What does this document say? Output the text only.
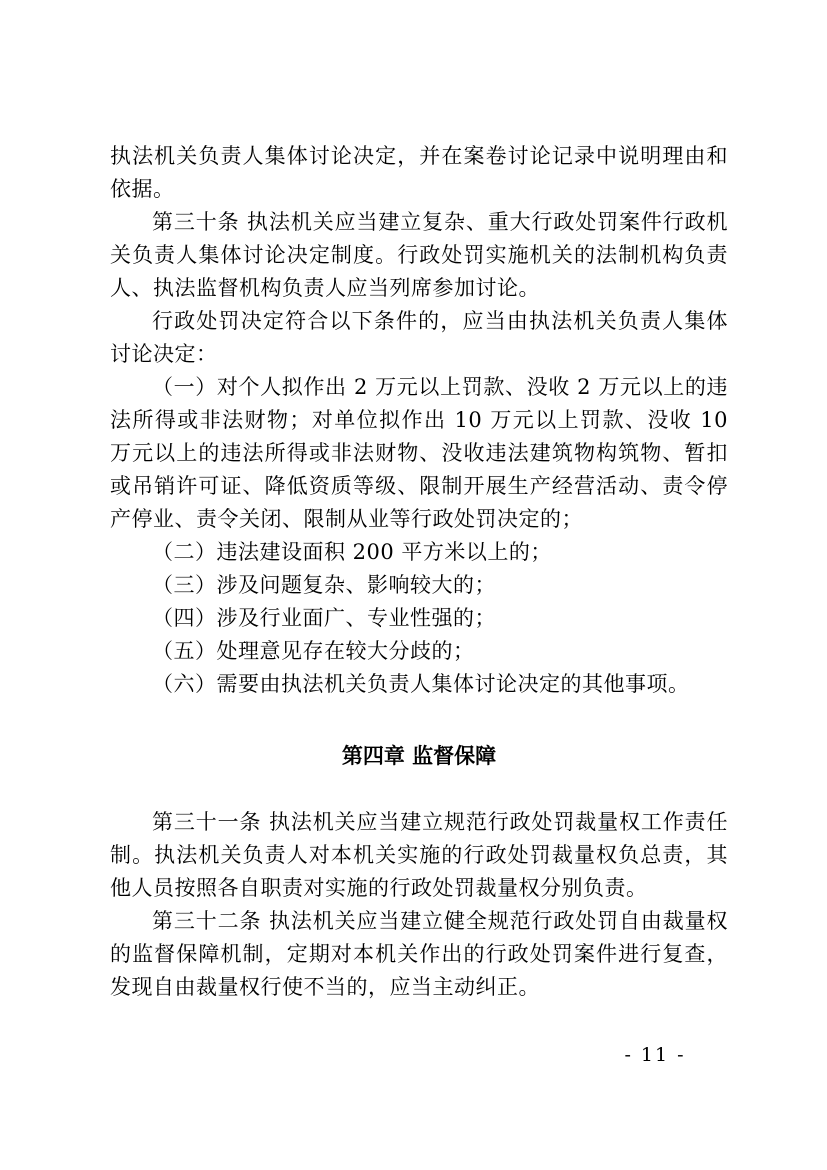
执法机关负责人集体讨论决定，并在案卷讨论记录中说明理由和依据。

第三十条 执法机关应当建立复杂、重大行政处罚案件行政机关负责人集体讨论决定制度。行政处罚实施机关的法制机构负责人、执法监督机构负责人应当列席参加讨论。

行政处罚决定符合以下条件的，应当由执法机关负责人集体讨论决定：

（一）对个人拟作出 2 万元以上罚款、没收 2 万元以上的违法所得或非法财物；对单位拟作出 10 万元以上罚款、没收 10 万元以上的违法所得或非法财物、没收违法建筑物构筑物、暂扣或吊销许可证、降低资质等级、限制开展生产经营活动、责令停产停业、责令关闭、限制从业等行政处罚决定的；

（二）违法建设面积 200 平方米以上的；

（三）涉及问题复杂、影响较大的；

（四）涉及行业面广、专业性强的；

（五）处理意见存在较大分歧的；

（六）需要由执法机关负责人集体讨论决定的其他事项。

第四章 监督保障

第三十一条 执法机关应当建立规范行政处罚裁量权工作责任制。执法机关负责人对本机关实施的行政处罚裁量权负总责，其他人员按照各自职责对实施的行政处罚裁量权分别负责。

第三十二条 执法机关应当建立健全规范行政处罚自由裁量权的监督保障机制，定期对本机关作出的行政处罚案件进行复查，发现自由裁量权行使不当的，应当主动纠正。

- 11 -
